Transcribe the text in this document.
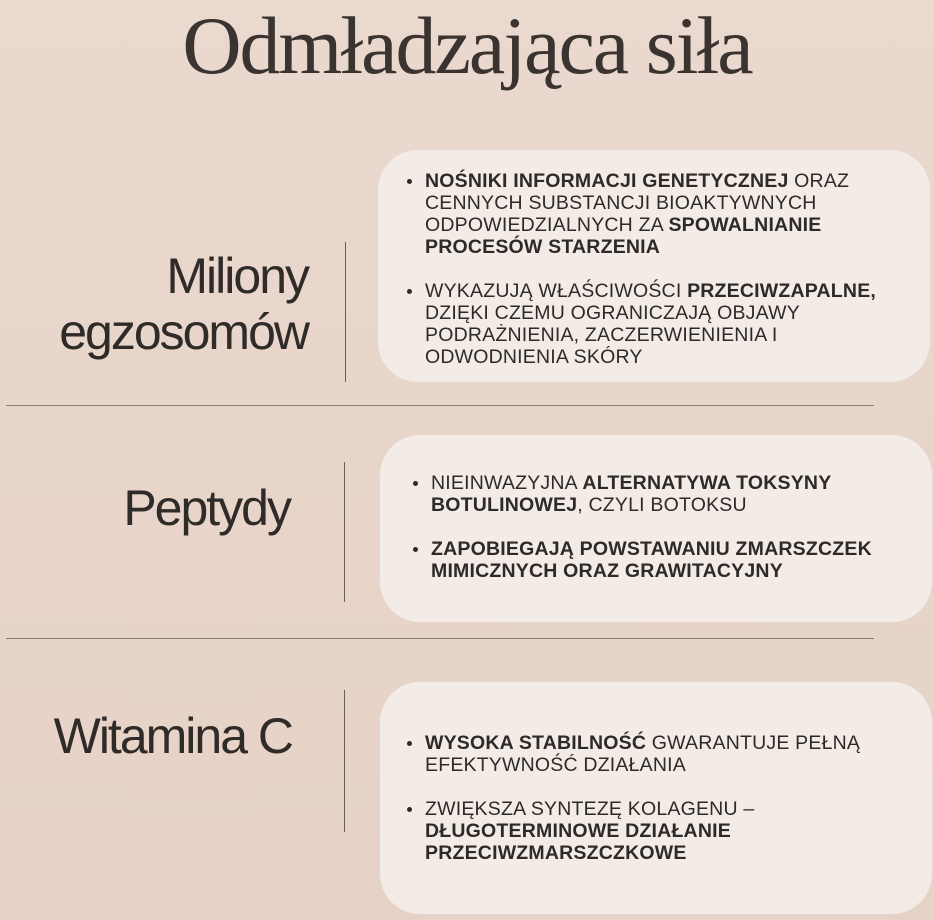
Odmładzająca siła
Miliony
egzosomów
NOŚNIKI INFORMACJI GENETYCZNEJ ORAZ CENNYCH SUBSTANCJI BIOAKTYWNYCH ODPOWIEDZIALNYCH ZA SPOWALNIANIE PROCESÓW STARZENIA
WYKAZUJĄ WŁAŚCIWOŚCI PRZECIWZAPALNE, DZIĘKI CZEMU OGRANICZAJĄ OBJAWY PODRAŻNIENIA, ZACZERWIENIENIA I ODWODNIENIA SKÓRY
Peptydy	NIEINWAZYJNA ALTERNATYWA TOKSYNY BOTULINOWEJ, CZYLI BOTOKSU
ZAPOBIEGAJĄ POWSTAWANIU ZMARSZCZEK MIMICZNYCH ORAZ GRAWITACYJNY
Witamina C	WYSOKA STABILNOŚĆ GWARANTUJE PEŁNĄ EFEKTYWNOŚĆ DZIAŁANIA
ZWIĘKSZA SYNTEZĘ KOLAGENU – DŁUGOTERMINOWE DZIAŁANIE PRZECIWZMARSZCZKOWE
